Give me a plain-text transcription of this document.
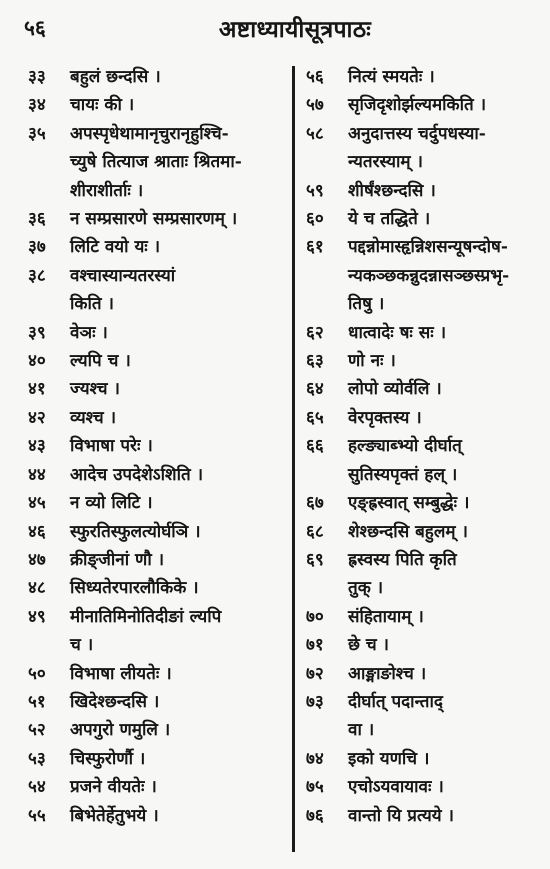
५६	अष्टाध्यायीसूत्रपाठः
३३	बहुलं छन्दसि ।
३४	चायः की ।
३५	अपस्पृधेथामानृचुरानृहुश्चि-
च्युषे तित्याज श्राताः श्रितमा-
शीराशीर्ताः ।
३६	न सम्प्रसारणे सम्प्रसारणम् ।
३७	लिटि वयो यः ।
३८	वश्चास्यान्यतरस्यां
किति ।
३९	वेञः ।
४०	ल्यपि च ।
४१	ज्यश्च ।
४२	व्यश्च ।
४३	विभाषा परेः ।
४४	आदेच उपदेशेऽशिति ।
४५	न व्यो लिटि ।
४६	स्फुरतिस्फुलत्योर्घञि ।
४७	क्रीङ्जीनां णौ ।
४८	सिध्यतेरपारलौकिके ।
४९	मीनातिमिनोतिदीङां ल्यपि
च ।
५०	विभाषा लीयतेः ।
५१	खिदेश्छन्दसि ।
५२	अपगुरो णमुलि ।
५३	चिस्फुरोर्णौ ।
५४	प्रजने वीयतेः ।
५५	बिभेतेर्हेतुभये ।
५६	नित्यं स्मयतेः ।
५७	सृजिदृशोर्झल्यमकिति ।
५८	अनुदात्तस्य चर्दुपधस्या-
न्यतरस्याम् ।
५९	शीर्षंश्छन्दसि ।
६०	ये च तद्धिते ।
६१	पद्दन्नोमास्हृन्निशसन्यूषन्दोष-
न्यकञ्छकन्नुदन्नासञ्छस्प्रभृ-
तिषु ।
६२	धात्वादेः षः सः ।
६३	णो नः ।
६४	लोपो व्योर्वलि ।
६५	वेरपृक्तस्य ।
६६	हल्ङ्याब्भ्यो दीर्घात्
सुतिस्यपृक्तं हल् ।
६७	एङ्ह्रस्वात् सम्बुद्धेः ।
६८	शेश्छन्दसि बहुलम् ।
६९	ह्रस्वस्य पिति कृति
तुक् ।
७०	संहितायाम् ।
७१	छे च ।
७२	आङ्माङोश्च ।
७३	दीर्घात् पदान्ताद्
वा ।
७४	इको यणचि ।
७५	एचोऽयवायावः ।
७६	वान्तो यि प्रत्यये ।
